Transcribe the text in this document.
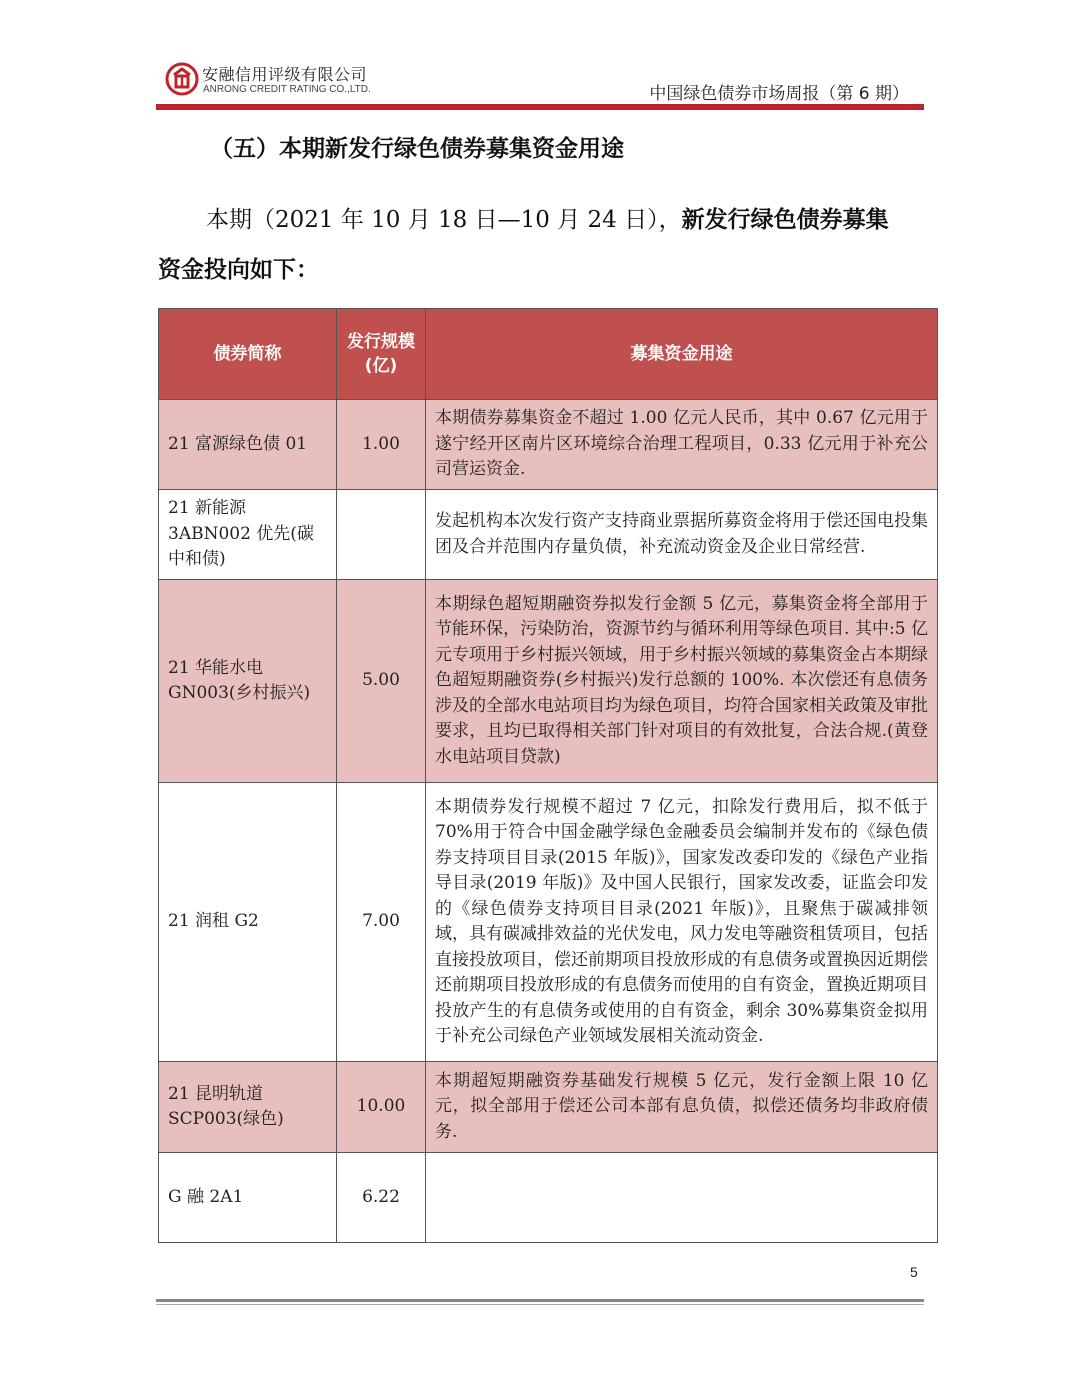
安融信用评级有限公司
ANRONG CREDIT RATING CO.,LTD.	中国绿色债券市场周报（第 6 期）
（五）本期新发行绿色债券募集资金用途
本期（2021 年 10 月 18 日—10 月 24 日），新发行绿色债券募集
资金投向如下：
债券简称	发行规模(亿)	募集资金用途
21 富源绿色债 01	1.00	本期债券募集资金不超过 1.00 亿元人民币，其中 0.67 亿元用于遂宁经开区南片区环境综合治理工程项目，0.33 亿元用于补充公司营运资金.
21 新能源 3ABN002 优先(碳中和债)		发起机构本次发行资产支持商业票据所募资金将用于偿还国电投集团及合并范围内存量负债，补充流动资金及企业日常经营.
21 华能水电 GN003(乡村振兴)	5.00	本期绿色超短期融资券拟发行金额 5 亿元，募集资金将全部用于节能环保，污染防治，资源节约与循环利用等绿色项目. 其中:5 亿元专项用于乡村振兴领域，用于乡村振兴领域的募集资金占本期绿色超短期融资券(乡村振兴)发行总额的 100%. 本次偿还有息债务涉及的全部水电站项目均为绿色项目，均符合国家相关政策及审批要求，且均已取得相关部门针对项目的有效批复，合法合规.(黄登水电站项目贷款)
21 润租 G2	7.00	本期债券发行规模不超过 7 亿元，扣除发行费用后，拟不低于 70%用于符合中国金融学绿色金融委员会编制并发布的《绿色债券支持项目目录(2015 年版)》，国家发改委印发的《绿色产业指导目录(2019 年版)》及中国人民银行，国家发改委，证监会印发的《绿色债券支持项目目录(2021 年版)》，且聚焦于碳减排领域，具有碳减排效益的光伏发电，风力发电等融资租赁项目，包括直接投放项目，偿还前期项目投放形成的有息债务或置换因近期偿还前期项目投放形成的有息债务而使用的自有资金，置换近期项目投放产生的有息债务或使用的自有资金，剩余 30%募集资金拟用于补充公司绿色产业领域发展相关流动资金.
21 昆明轨道 SCP003(绿色)	10.00	本期超短期融资券基础发行规模 5 亿元，发行金额上限 10 亿元，拟全部用于偿还公司本部有息负债，拟偿还债务均非政府债务.
G 融 2A1	6.22	
5
